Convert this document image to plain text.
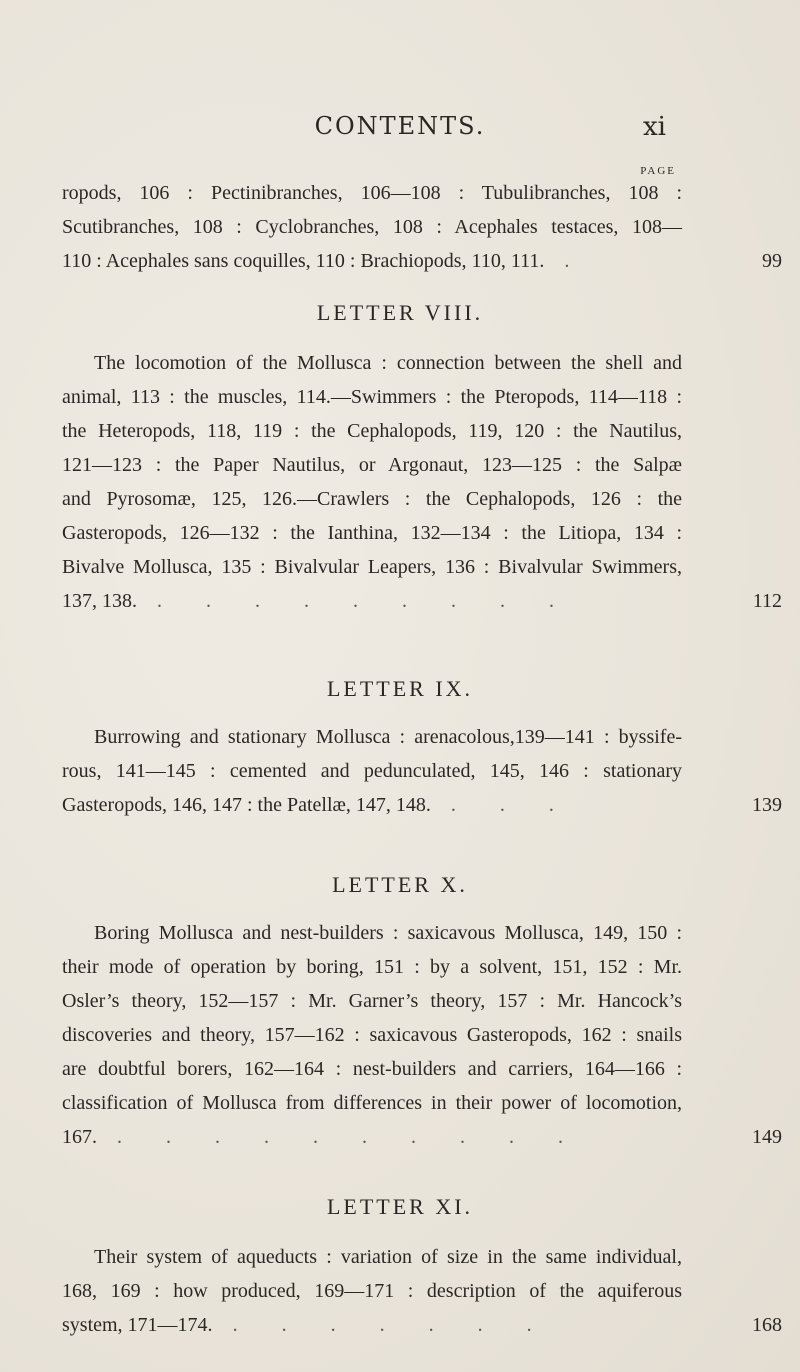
CONTENTS.	xi
PAGE
ropods, 106 : Pectinibranches, 106—108 : Tubulibranches, 108 :
Scutibranches, 108 : Cyclobranches, 108 : Acephales testaces, 108—
110 : Acephales sans coquilles, 110 : Brachiopods, 110, 111.	.	99
LETTER VIII.
The locomotion of the Mollusca : connection between the shell and
animal, 113 : the muscles, 114.—Swimmers : the Pteropods, 114—118 :
the Heteropods, 118, 119 : the Cephalopods, 119, 120 : the Nautilus,
121—123 : the Paper Nautilus, or Argonaut, 123—125 : the Salpæ
and Pyrosomæ, 125, 126.—Crawlers : the Cephalopods, 126 : the
Gasteropods, 126—132 : the Ianthina, 132—134 : the Litiopa, 134 :
Bivalve Mollusca, 135 : Bivalvular Leapers, 136 : Bivalvular Swimmers,
137, 138.	.........	112
LETTER IX.
Burrowing and stationary Mollusca : arenacolous,139—141 : byssife-
rous, 141—145 : cemented and pedunculated, 145, 146 : stationary
Gasteropods, 146, 147 : the Patellæ, 147, 148.	...	139
LETTER X.
Boring Mollusca and nest-builders : saxicavous Mollusca, 149, 150 :
their mode of operation by boring, 151 : by a solvent, 151, 152 : Mr.
Osler’s theory, 152—157 : Mr. Garner’s theory, 157 : Mr. Hancock’s
discoveries and theory, 157—162 : saxicavous Gasteropods, 162 : snails
are doubtful borers, 162—164 : nest-builders and carriers, 164—166 :
classification of Mollusca from differences in their power of locomotion,
167.	..........	149
LETTER XI.
Their system of aqueducts : variation of size in the same individual,
168, 169 : how produced, 169—171 : description of the aquiferous
system, 171—174.	.......	168
